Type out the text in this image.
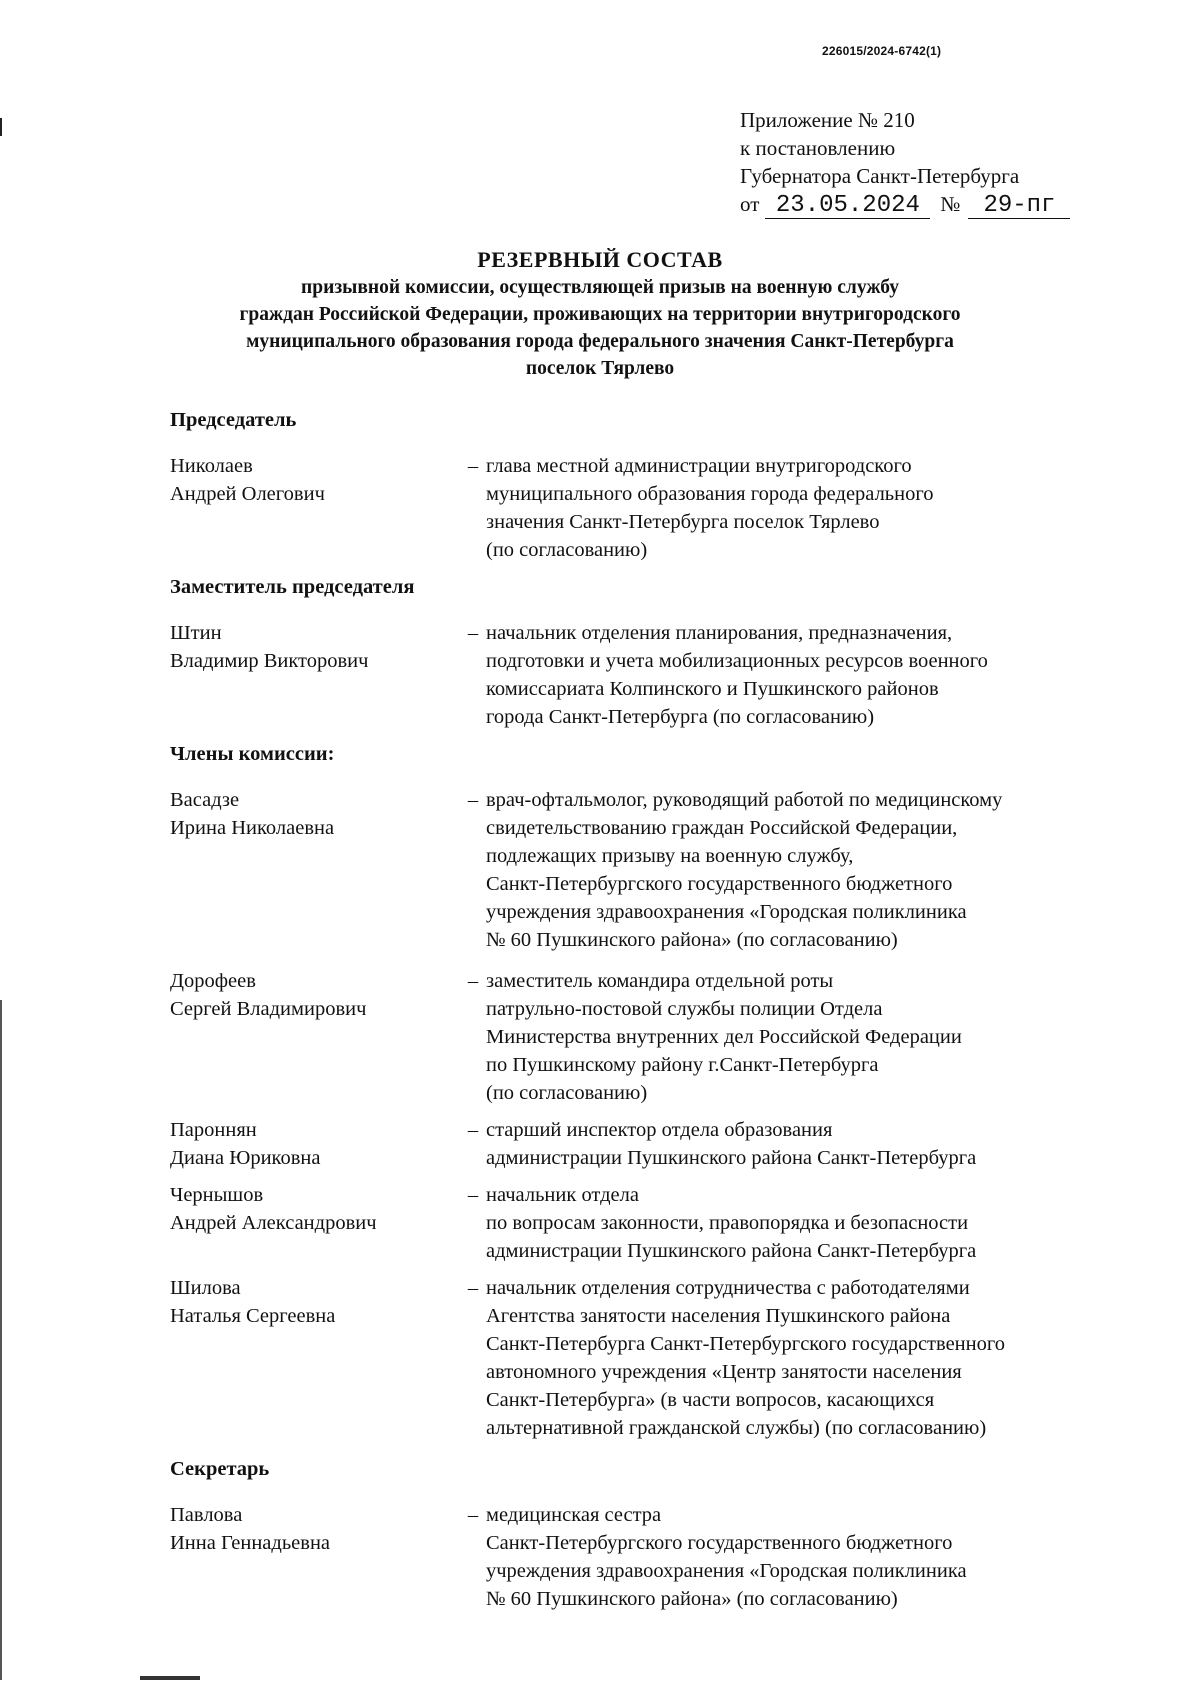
226015/2024-6742(1)
Приложение № 210
к постановлению
Губернатора Санкт-Петербурга
от 23.05.2024 № 29-пг
РЕЗЕРВНЫЙ СОСТАВ
призывной комиссии, осуществляющей призыв на военную службу
граждан Российской Федерации, проживающих на территории внутригородского
муниципального образования города федерального значения Санкт-Петербурга
поселок Тярлево
Председатель
Николаев
Андрей Олегович
– глава местной администрации внутригородского
муниципального образования города федерального
значения Санкт-Петербурга поселок Тярлево
(по согласованию)
Заместитель председателя
Штин
Владимир Викторович
– начальник отделения планирования, предназначения,
подготовки и учета мобилизационных ресурсов военного
комиссариата Колпинского и Пушкинского районов
города Санкт-Петербурга (по согласованию)
Члены комиссии:
Васадзе
Ирина Николаевна
– врач-офтальмолог, руководящий работой по медицинскому
свидетельствованию граждан Российской Федерации,
подлежащих призыву на военную службу,
Санкт-Петербургского государственного бюджетного
учреждения здравоохранения «Городская поликлиника
№ 60 Пушкинского района» (по согласованию)
Дорофеев
Сергей Владимирович
– заместитель командира отдельной роты
патрульно-постовой службы полиции Отдела
Министерства внутренних дел Российской Федерации
по Пушкинскому району г.Санкт-Петербурга
(по согласованию)
Пароннян
Диана Юриковна
– старший инспектор отдела образования
администрации Пушкинского района Санкт-Петербурга
Чернышов
Андрей Александрович
– начальник отдела
по вопросам законности, правопорядка и безопасности
администрации Пушкинского района Санкт-Петербурга
Шилова
Наталья Сергеевна
– начальник отделения сотрудничества с работодателями
Агентства занятости населения Пушкинского района
Санкт-Петербурга Санкт-Петербургского государственного
автономного учреждения «Центр занятости населения
Санкт-Петербурга» (в части вопросов, касающихся
альтернативной гражданской службы) (по согласованию)
Секретарь
Павлова
Инна Геннадьевна
– медицинская сестра
Санкт-Петербургского государственного бюджетного
учреждения здравоохранения «Городская поликлиника
№ 60 Пушкинского района» (по согласованию)
